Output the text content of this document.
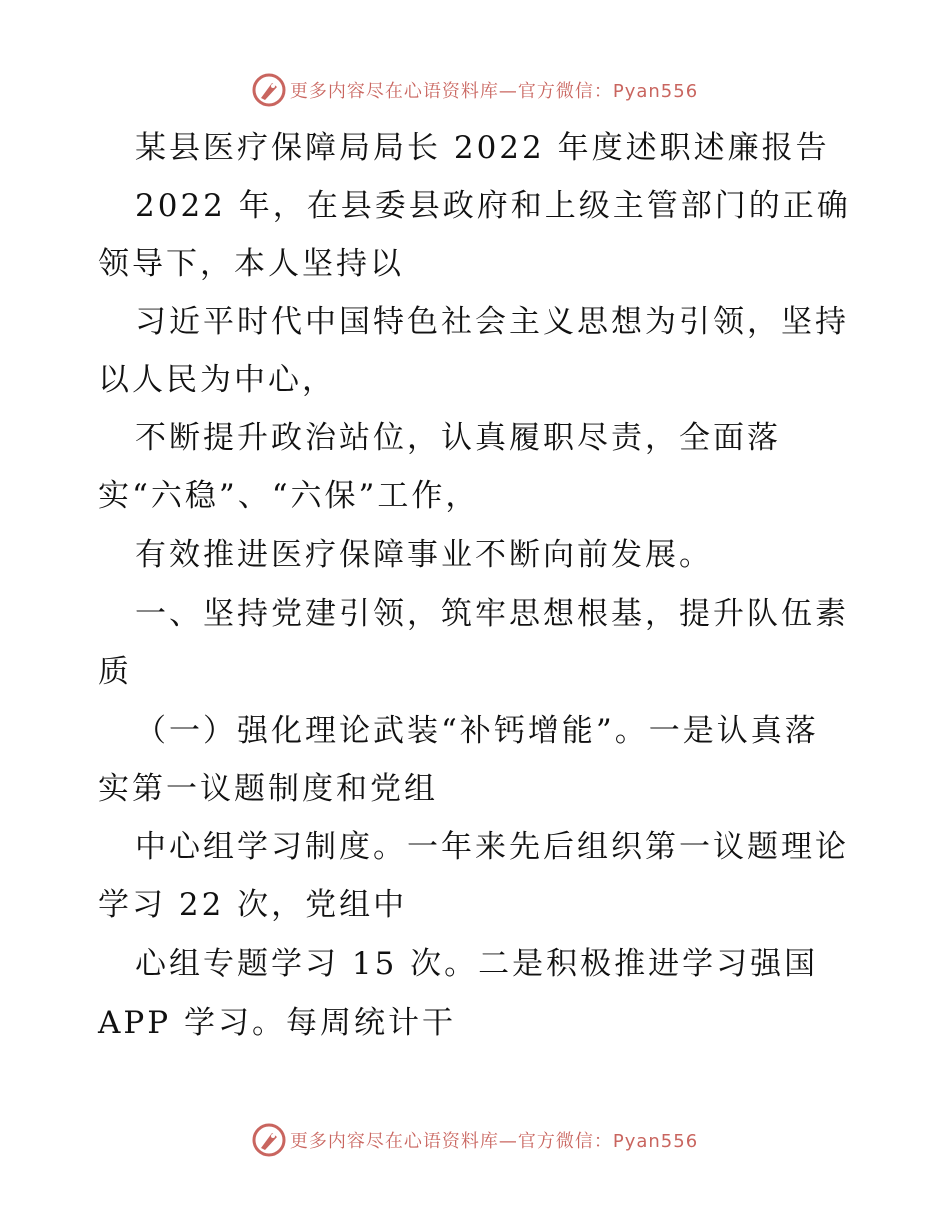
更多内容尽在心语资料库—官方微信：Pyan556
某县医疗保障局局长 2022 年度述职述廉报告
2022 年，在县委县政府和上级主管部门的正确
领导下，本人坚持以
习近平时代中国特色社会主义思想为引领，坚持
以人民为中心，
不断提升政治站位，认真履职尽责，全面落
实“六稳”、“六保”工作，
有效推进医疗保障事业不断向前发展。
一、坚持党建引领，筑牢思想根基，提升队伍素
质
（一）强化理论武装“补钙增能”。一是认真落
实第一议题制度和党组
中心组学习制度。一年来先后组织第一议题理论
学习 22 次，党组中
心组专题学习 15 次。二是积极推进学习强国
APP 学习。每周统计干
更多内容尽在心语资料库—官方微信：Pyan556
